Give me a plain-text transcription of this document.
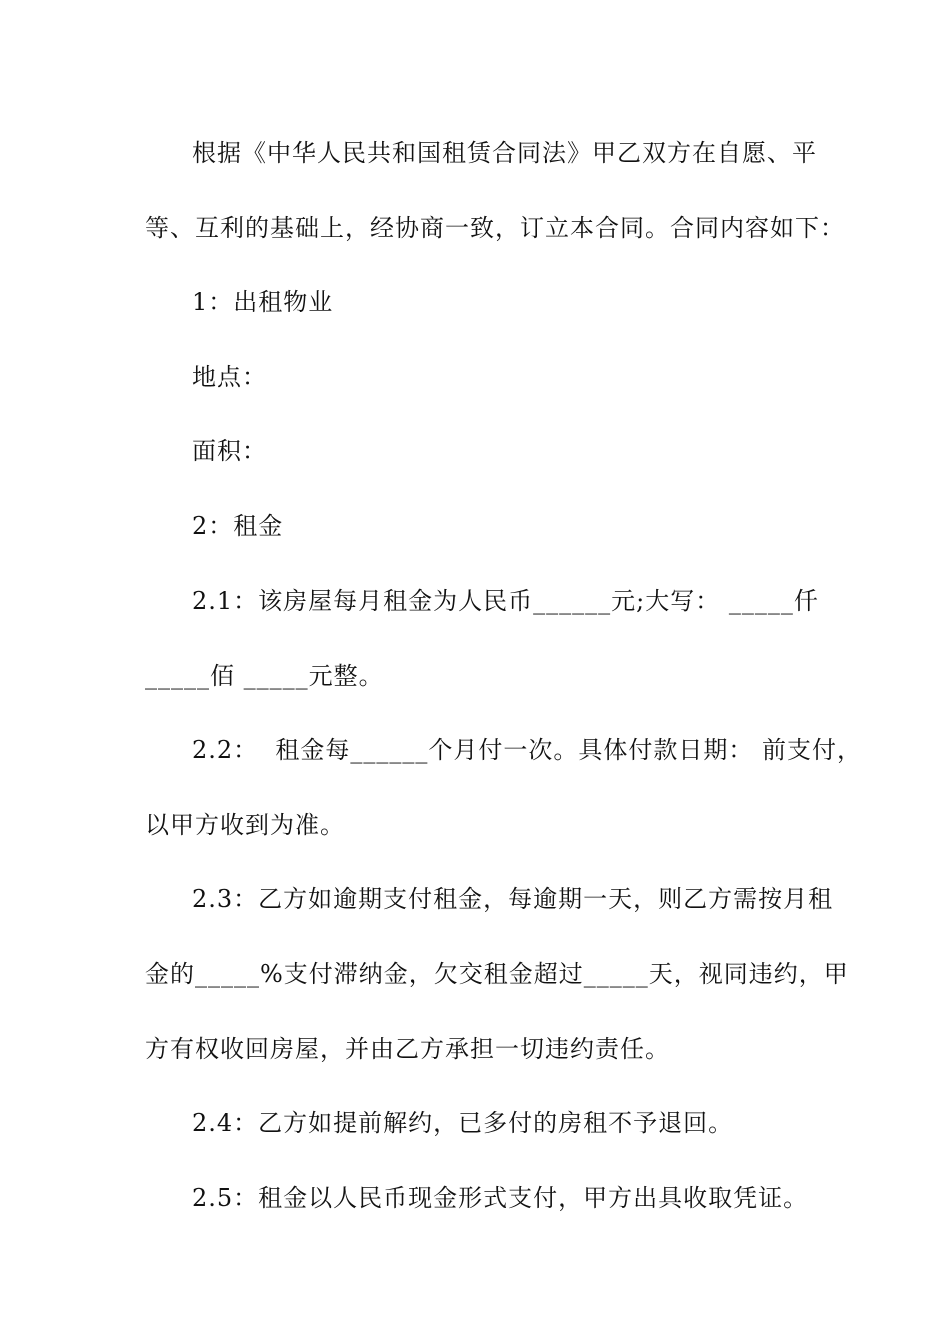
根据《中华人民共和国租赁合同法》甲乙双方在自愿、平
等、互利的基础上，经协商一致，订立本合同。合同内容如下：
1：出租物业
地点：
面积：
2：租金
2.1：该房屋每月租金为人民币______元;大写： _____仟
_____佰 _____元整。
2.2：  租金每______个月付一次。具体付款日期： 前支付，
以甲方收到为准。
2.3：乙方如逾期支付租金，每逾期一天，则乙方需按月租
金的_____%支付滞纳金，欠交租金超过_____天，视同违约，甲
方有权收回房屋，并由乙方承担一切违约责任。
2.4：乙方如提前解约，已多付的房租不予退回。
2.5：租金以人民币现金形式支付，甲方出具收取凭证。
